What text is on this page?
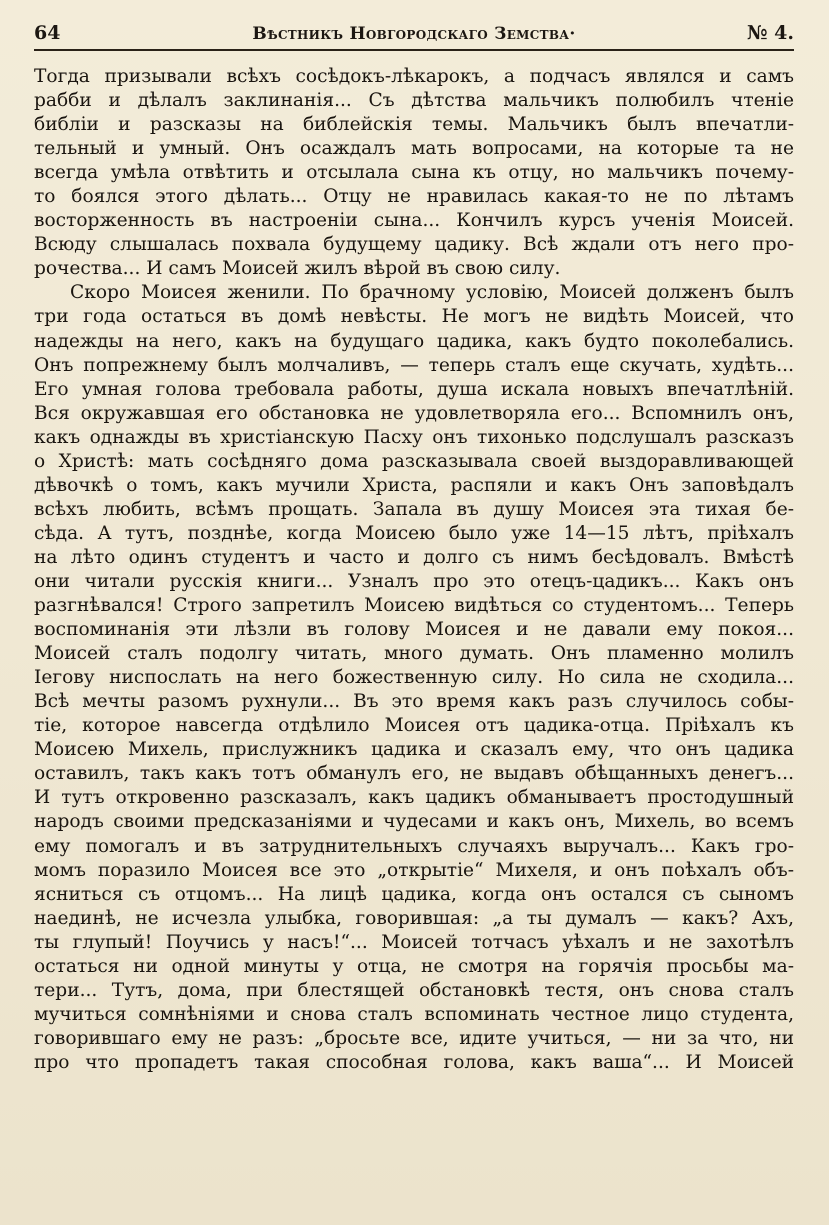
64	Вѣстникъ Новгородскаго Земства·	№ 4.
Тогда призывали всѣхъ сосѣдокъ-лѣкарокъ, а подчасъ являлся и самъ
рабби и дѣлалъ заклинанія... Съ дѣтства мальчикъ полюбилъ чтеніе
библіи и разсказы на библейскія темы. Мальчикъ былъ впечатли-
тельный и умный. Онъ осаждалъ мать вопросами, на которые та не
всегда умѣла отвѣтить и отсылала сына къ отцу, но мальчикъ почему-
то боялся этого дѣлать... Отцу не нравилась какая-то не по лѣтамъ
восторженность въ настроеніи сына... Кончилъ курсъ ученія Моисей.
Всюду слышалась похвала будущему цадику. Всѣ ждали отъ него про-
рочества... И самъ Моисей жилъ вѣрой въ свою силу.
Скоро Моисея женили. По брачному условію, Моисей долженъ былъ
три года остаться въ домѣ невѣсты. Не могъ не видѣть Моисей, что
надежды на него, какъ на будущаго цадика, какъ будто поколебались.
Онъ попрежнему былъ молчаливъ, — теперь сталъ еще скучать, худѣть...
Его умная голова требовала работы, душа искала новыхъ впечатлѣній.
Вся окружавшая его обстановка не удовлетворяла его... Вспомнилъ онъ,
какъ однажды въ христіанскую Пасху онъ тихонько подслушалъ разсказъ
о Христѣ: мать сосѣдняго дома разсказывала своей выздоравливающей
дѣвочкѣ о томъ, какъ мучили Христа, распяли и какъ Онъ заповѣдалъ
всѣхъ любить, всѣмъ прощать. Запала въ душу Моисея эта тихая бе-
сѣда. А тутъ, позднѣе, когда Моисею было уже 14—15 лѣтъ, пріѣхалъ
на лѣто одинъ студентъ и часто и долго съ нимъ бесѣдовалъ. Вмѣстѣ
они читали русскія книги... Узналъ про это отецъ-цадикъ... Какъ онъ
разгнѣвался! Строго запретилъ Моисею видѣться со студентомъ... Теперь
воспоминанія эти лѣзли въ голову Моисея и не давали ему покоя...
Моисей сталъ подолгу читать, много думать. Онъ пламенно молилъ
Іегову ниспослать на него божественную силу. Но сила не сходила...
Всѣ мечты разомъ рухнули... Въ это время какъ разъ случилось собы-
тіе, которое навсегда отдѣлило Моисея отъ цадика-отца. Пріѣхалъ къ
Моисею Михель, прислужникъ цадика и сказалъ ему, что онъ цадика
оставилъ, такъ какъ тотъ обманулъ его, не выдавъ обѣщанныхъ денегъ...
И тутъ откровенно разсказалъ, какъ цадикъ обманываетъ простодушный
народъ своими предсказаніями и чудесами и какъ онъ, Михель, во всемъ
ему помогалъ и въ затруднительныхъ случаяхъ выручалъ... Какъ гро-
момъ поразило Моисея все это „открытіе“ Михеля, и онъ поѣхалъ объ-
ясниться съ отцомъ... На лицѣ цадика, когда онъ остался съ сыномъ
наединѣ, не исчезла улыбка, говорившая: „а ты думалъ — какъ? Ахъ,
ты глупый! Поучись у насъ!“... Моисей тотчасъ уѣхалъ и не захотѣлъ
остаться ни одной минуты у отца, не смотря на горячія просьбы ма-
тери... Тутъ, дома, при блестящей обстановкѣ тестя, онъ снова сталъ
мучиться сомнѣніями и снова сталъ вспоминать честное лицо студента,
говорившаго ему не разъ: „бросьте все, идите учиться, — ни за что, ни
про что пропадетъ такая способная голова, какъ ваша“... И Моисей
